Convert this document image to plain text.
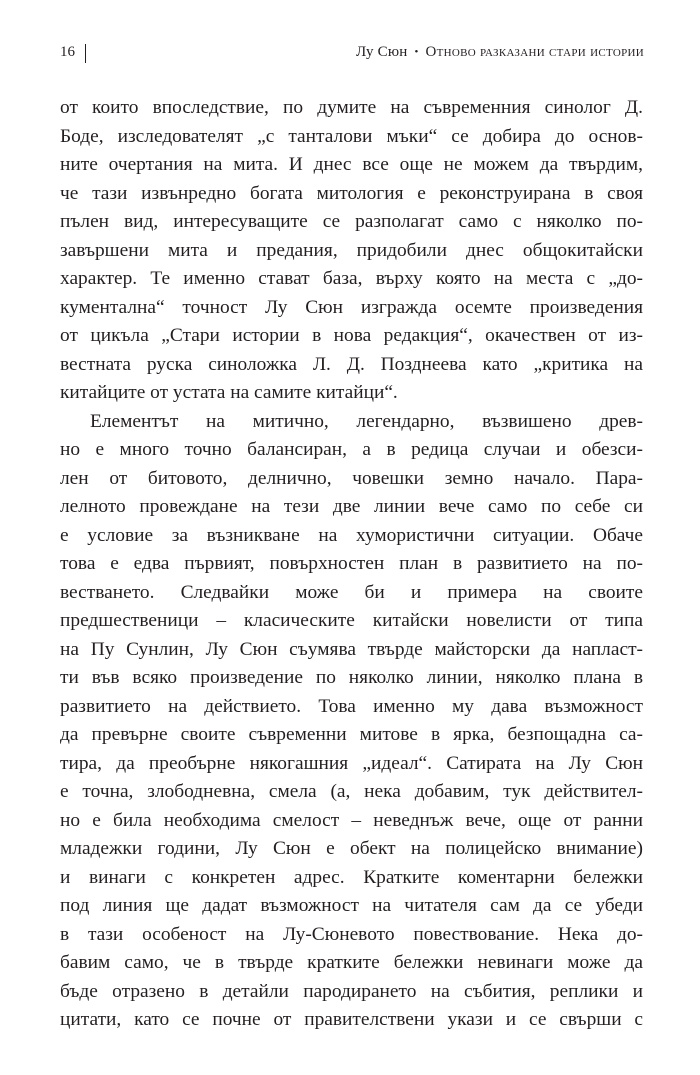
16	Лу Сюн • Отново разказани стари истории
от които впоследствие, по думите на съвременния синолог Д.
Боде, изследователят „с танталови мъки“ се добира до основ-
ните очертания на мита. И днес все още не можем да твърдим,
че тази извънредно богата митология е реконструирана в своя
пълен вид, интересуващите се разполагат само с няколко по-
завършени мита и предания, придобили днес общокитайски
характер. Те именно стават база, върху която на места с „до-
кументална“ точност Лу Сюн изгражда осемте произведения
от цикъла „Стари истории в нова редакция“, окачествен от из-
вестната руска синоложка Л. Д. Позднеева като „критика на
китайците от устата на самите китайци“.
Елементът на митично, легендарно, възвишено древ-
но е много точно балансиран, а в редица случаи и обезси-
лен от битовото, делнично, човешки земно начало. Пара-
лелното провеждане на тези две линии вече само по себе си
е условие за възникване на хумористични ситуации. Обаче
това е едва първият, повърхностен план в развитието на по-
вестването. Следвайки може би и примера на своите
предшественици – класическите китайски новелисти от типа
на Пу Сунлин, Лу Сюн съумява твърде майсторски да напласт-
ти във всяко произведение по няколко линии, няколко плана в
развитието на действието. Това именно му дава възможност
да превърне своите съвременни митове в ярка, безпощадна са-
тира, да преобърне някогашния „идеал“. Сатирата на Лу Сюн
е точна, злободневна, смела (а, нека добавим, тук действител-
но е била необходима смелост – неведнъж вече, още от ранни
младежки години, Лу Сюн е обект на полицейско внимание)
и винаги с конкретен адрес. Кратките коментарни бележки
под линия ще дадат възможност на читателя сам да се убеди
в тази особеност на Лу-Сюневото повествование. Нека до-
бавим само, че в твърде кратките бележки невинаги може да
бъде отразено в детайли пародирането на събития, реплики и
цитати, като се почне от правителствени укази и се свърши с
